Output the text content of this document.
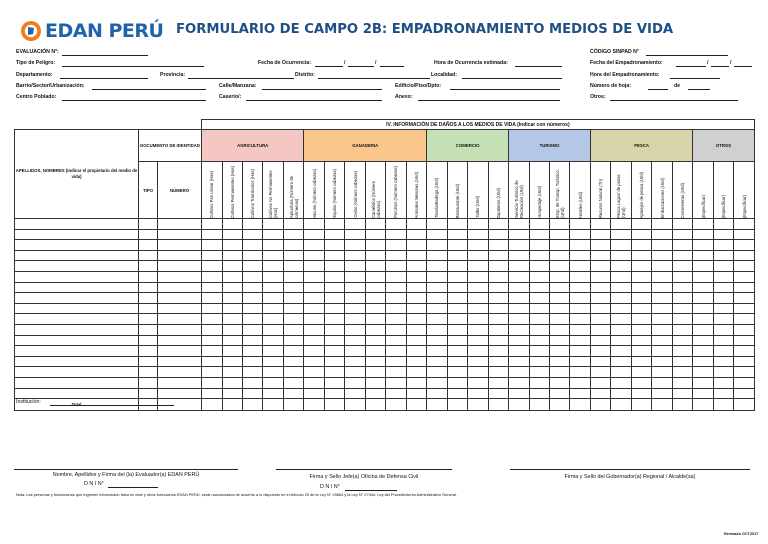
EDAN PERÚ FORMULARIO DE CAMPO 2B: EMPADRONAMIENTO MEDIOS DE VIDA
EVALUACIÓN N°:	CÓDIGO SINPAD N°
Tipo de Peligro:	Fecha de Ocurrencia:	/	/	Hora de Ocurrencia estimada:	Fecha del Empadronamiento:	/	/
Departamento:	Provincia:	Distrito:	Localidad:	Hora del Empadronamiento:
Barrio/Sector/Urbanización:	Calle/Manzana:	Edificio/Piso/Dpto:	Número de hoja:	de
Centro Poblado:	Caserío/:	Anexo:	Otros:
			IV. INFORMACIÓN DE DAÑOS A LOS MEDIOS DE VIDA (Indicar con números)																										
APELLIDOS, NOMBRES (Indicar el propietario del medio de vida)	DOCUMENTO DE IDENTIDAD		AGRICULTURA					GANADERIA						COMERCIO				TURISMO				PESCA					OTROS		
	TIPO	NÚMERO	Cultivos Pan Llevar (Has)	Cultivos Permanentes (Has)	Cultivos Transitorios (Has)	Cultivos No Permanentes (Has)	Apicultura (Número de colmenas)	Vacuno (Número cabezas)	Equino (Número cabezas)	Ovino (Número cabezas)	Camélidos (Número cabezas)	Porcinos (Número cabezas)	Animales Menores (Und)	Tienda/Bodega (Und)	Restaurante (Und)	Taller (Und)	Zapateros (Und)	Servicio Turístico de Recreación (Und)	Hospedaje (Und)	Emp. de Transp. Turístico (Und)	Hoteles (Und)	Recurso Natural (Tn)	Pesca Lagos/ de pozas (Und)	Aparejos de pesca (Und)	Embarcaciones (Und)	Conserveras (Und)	(Especificar)	(Especificar)	(Especificar)

Total																													
Institución:
Nombre, Apellidos y Firma del (la) Evaluador(a) EDAN PERÚ
D N I N°
Firma y Sello Jefe(a) Oficina de Defensa Civil
D N I N°
Firma y Sello del Gobernador(a) Regional / Alcalde(sa)
Nota: Las personas y funcionarios que ingresen información falsa en este y otros formularios EDAN PERÚ, serán sancionados de acuerdo a lo dispuesto en el Artículo 20 de la Ley N° 29664 y la Ley N° 27444, Ley del Procedimiento Administrativo General.
Revisado OCT2017
